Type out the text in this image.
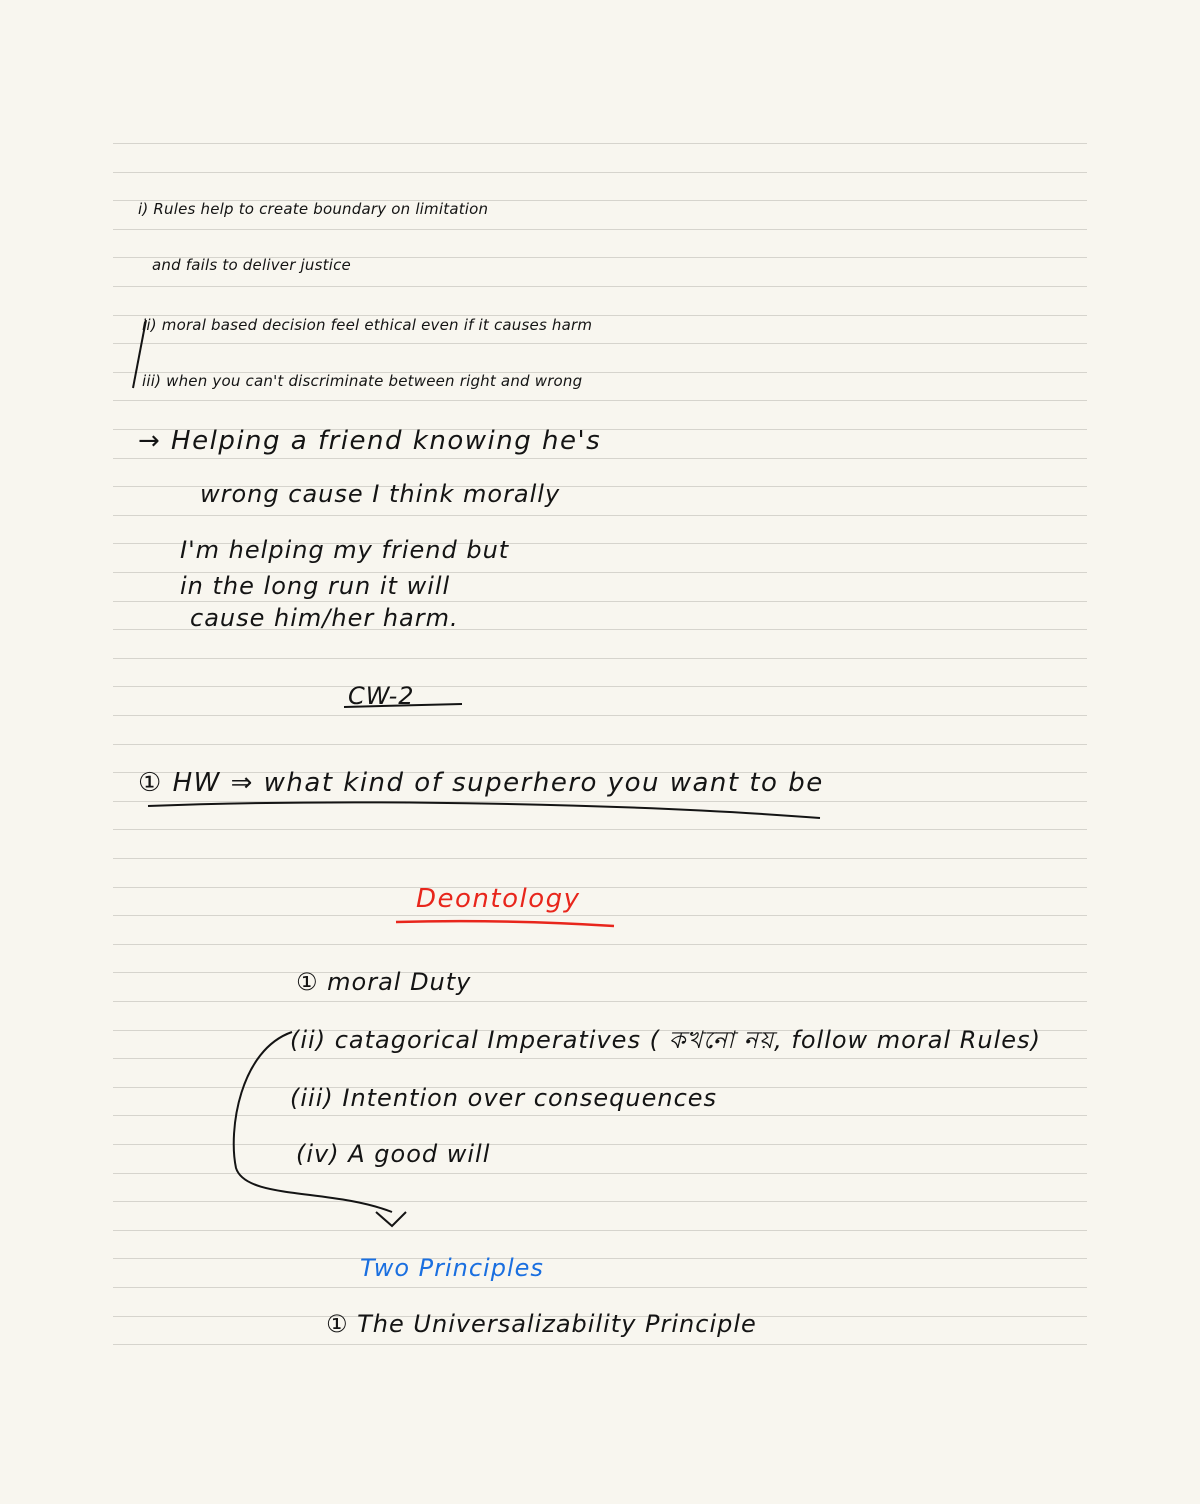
i) Rules help to create boundary on limitation
and fails to deliver justice
ii) moral based decision feel ethical even if it causes harm
iii) when you can't discriminate between right and wrong
→ Helping a friend knowing he's
wrong cause I think morally
I'm helping my friend but
in the long run it will
cause him/her harm.
CW-2
① HW ⇒ what kind of superhero you want to be
Deontology
① moral Duty
(ii) catagorical Imperatives ( কখনো নয়, follow moral Rules)
(iii) Intention over consequences
(iv) A good will
Two Principles
① The Universalizability Principle
